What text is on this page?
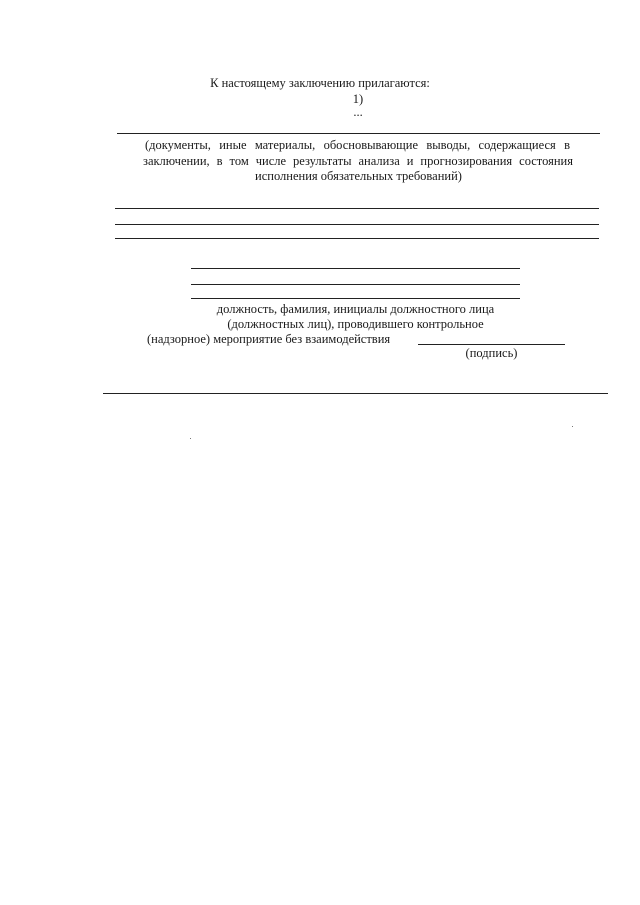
К настоящему заключению прилагаются:
1)
...
(документы, иные материалы, обосновывающие выводы, содержащиеся в
заключении, в том числе результаты анализа и прогнозирования состояния
исполнения обязательных требований)
должность, фамилия, инициалы должностного лица
(должностных лиц), проводившего контрольное
(надзорное) мероприятие без взаимодействия
(подпись)
